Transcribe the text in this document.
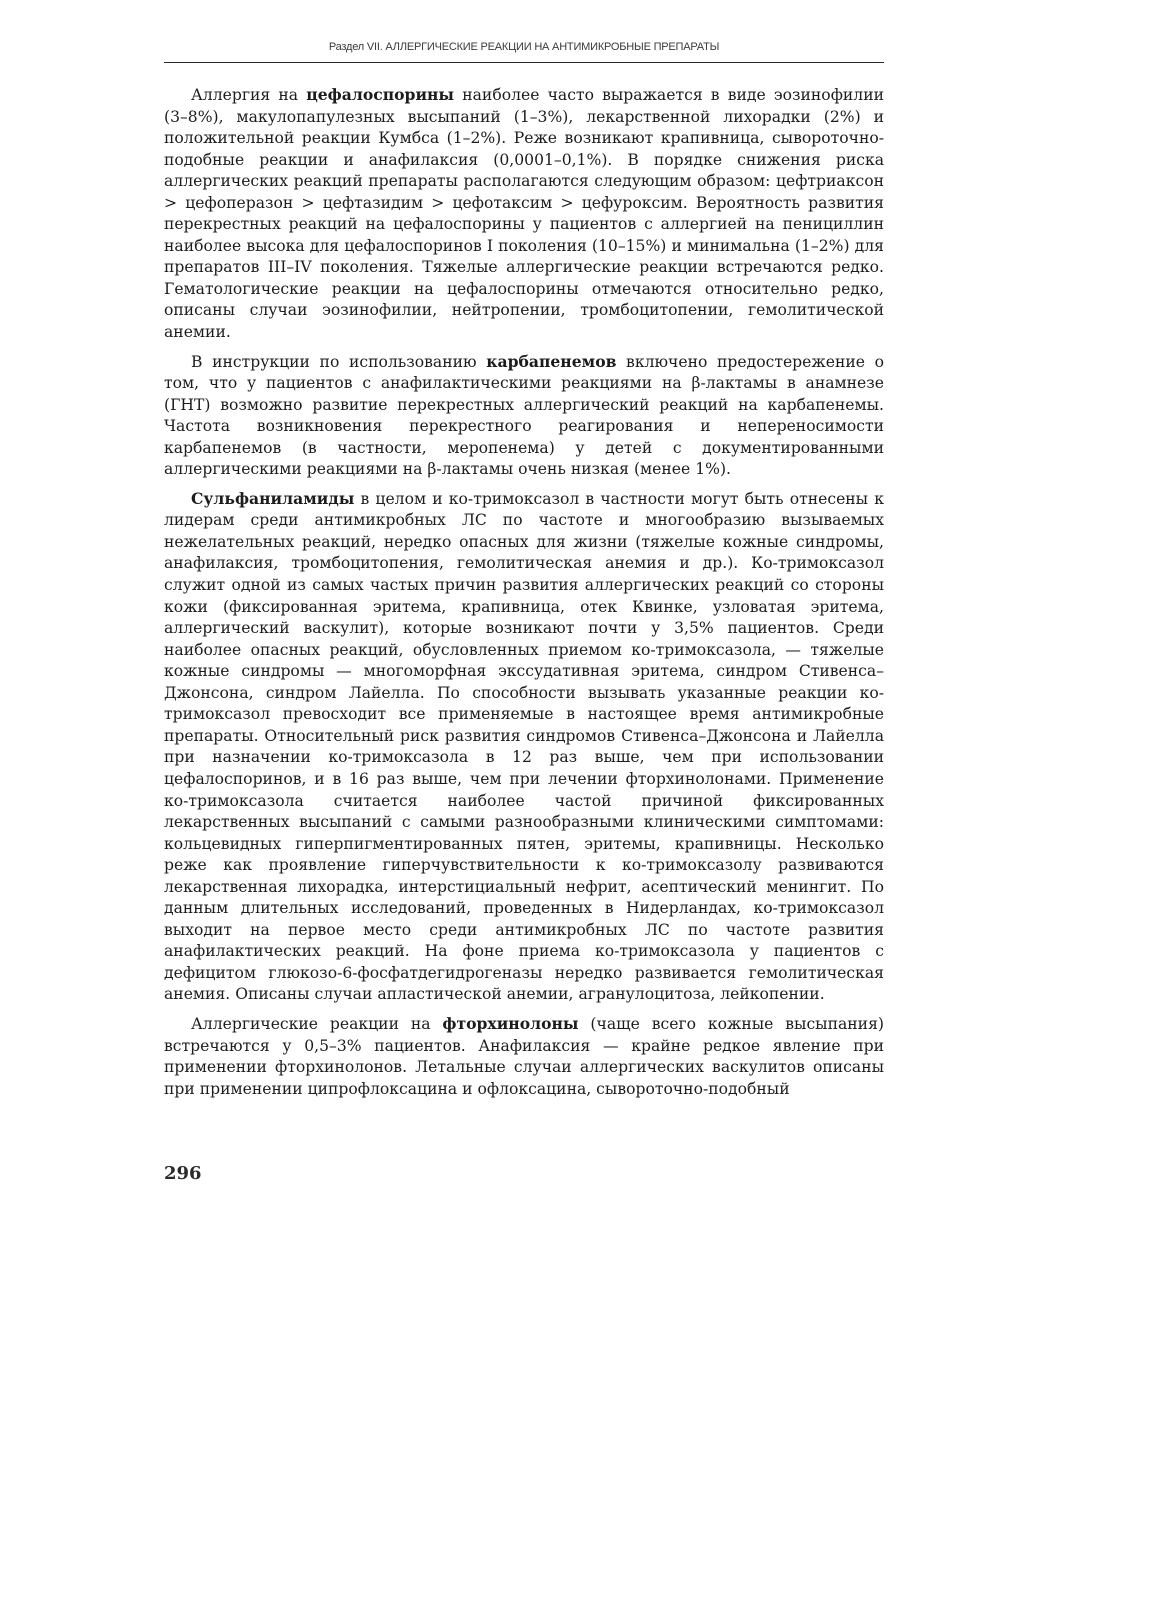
Раздел VII. АЛЛЕРГИЧЕСКИЕ РЕАКЦИИ НА АНТИМИКРОБНЫЕ ПРЕПАРАТЫ

Аллергия на цефалоспорины наиболее часто выражается в виде эозинофилии (3–8%), макулопапулезных высыпаний (1–3%), лекарственной лихорадки (2%) и положительной реакции Кумбса (1–2%). Реже возникают крапивница, сывороточно-подобные реакции и анафилаксия (0,0001–0,1%). В порядке снижения риска аллергических реакций препараты располагаются следующим образом: цефтриаксон > цефоперазон > цефтазидим > цефотаксим > цефуроксим. Вероятность развития перекрестных реакций на цефалоспорины у пациентов с аллергией на пенициллин наиболее высока для цефалоспоринов I поколения (10–15%) и минимальна (1–2%) для препаратов III–IV поколения. Тяжелые аллергические реакции встречаются редко. Гематологические реакции на цефалоспорины отмечаются относительно редко, описаны случаи эозинофилии, нейтропении, тромбоцитопении, гемолитической анемии.

В инструкции по использованию карбапенемов включено предостережение о том, что у пациентов с анафилактическими реакциями на β-лактамы в анамнезе (ГНТ) возможно развитие перекрестных аллергический реакций на карбапенемы. Частота возникновения перекрестного реагирования и непереносимости карбапенемов (в частности, меропенема) у детей с документированными аллергическими реакциями на β-лактамы очень низкая (менее 1%).

Сульфаниламиды в целом и ко-тримоксазол в частности могут быть отнесены к лидерам среди антимикробных ЛС по частоте и многообразию вызываемых нежелательных реакций, нередко опасных для жизни (тяжелые кожные синдромы, анафилаксия, тромбоцитопения, гемолитическая анемия и др.). Ко-тримоксазол служит одной из самых частых причин развития аллергических реакций со стороны кожи (фиксированная эритема, крапивница, отек Квинке, узловатая эритема, аллергический васкулит), которые возникают почти у 3,5% пациентов. Среди наиболее опасных реакций, обусловленных приемом ко-тримоксазола, — тяжелые кожные синдромы — многоморфная экссудативная эритема, синдром Стивенса–Джонсона, синдром Лайелла. По способности вызывать указанные реакции ко-тримоксазол превосходит все применяемые в настоящее время антимикробные препараты. Относительный риск развития синдромов Стивенса–Джонсона и Лайелла при назначении ко-тримоксазола в 12 раз выше, чем при использовании цефалоспоринов, и в 16 раз выше, чем при лечении фторхинолонами. Применение ко-тримоксазола считается наиболее частой причиной фиксированных лекарственных высыпаний с самыми разнообразными клиническими симптомами: кольцевидных гиперпигментированных пятен, эритемы, крапивницы. Несколько реже как проявление гиперчувствительности к ко-тримоксазолу развиваются лекарственная лихорадка, интерстициальный нефрит, асептический менингит. По данным длительных исследований, проведенных в Нидерландах, ко-тримоксазол выходит на первое место среди антимикробных ЛС по частоте развития анафилактических реакций. На фоне приема ко-тримоксазола у пациентов с дефицитом глюкозо-6-фосфатдегидрогеназы нередко развивается гемолитическая анемия. Описаны случаи апластической анемии, агранулоцитоза, лейкопении.

Аллергические реакции на фторхинолоны (чаще всего кожные высыпания) встречаются у 0,5–3% пациентов. Анафилаксия — крайне редкое явление при применении фторхинолонов. Летальные случаи аллергических васкулитов описаны при применении ципрофлоксацина и офлоксацина, сывороточно-подобный

296
